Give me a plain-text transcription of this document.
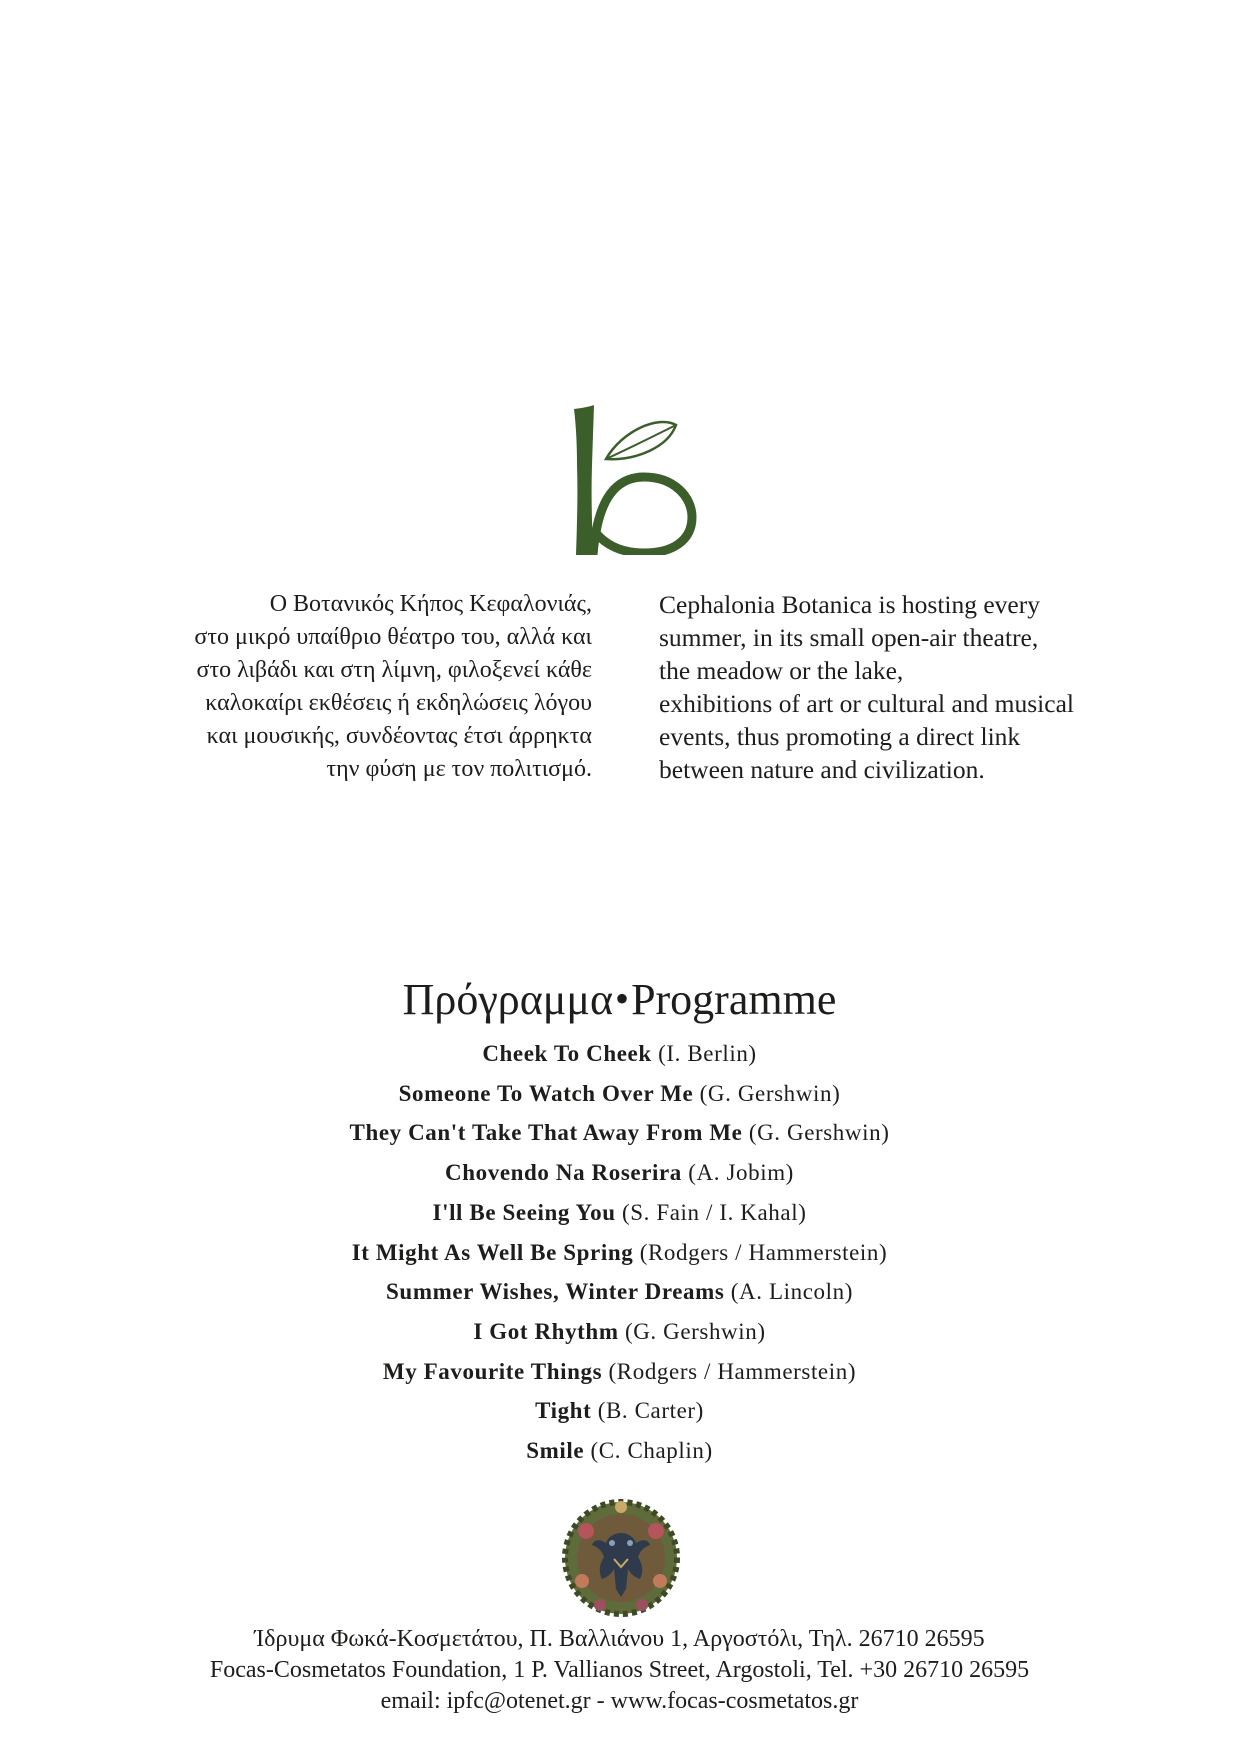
Ο Βοτανικός Κήπος Κεφαλονιάς,
στο μικρό υπαίθριο θέατρο του, αλλά και
στο λιβάδι και στη λίμνη, φιλοξενεί κάθε
καλοκαίρι εκθέσεις ή εκδηλώσεις λόγου
και μουσικής, συνδέοντας έτσι άρρηκτα
την φύση με τον πολιτισμό.
Cephalonia Botanica is hosting every
summer, in its small open-air theatre,
the meadow or the lake,
exhibitions of art or cultural and musical
events, thus promoting a direct link
between nature and civilization.
Πρόγραμμα•Programme
Cheek To Cheek (I. Berlin)
Someone To Watch Over Me (G. Gershwin)
They Can't Take That Away From Me (G. Gershwin)
Chovendo Na Roserira (A. Jobim)
I'll Be Seeing You (S. Fain / I. Kahal)
It Might As Well Be Spring (Rodgers / Hammerstein)
Summer Wishes, Winter Dreams (A. Lincoln)
I Got Rhythm (G. Gershwin)
My Favourite Things (Rodgers / Hammerstein)
Tight (B. Carter)
Smile (C. Chaplin)
Ίδρυμα Φωκά-Κοσμετάτου, Π. Βαλλιάνου 1, Αργοστόλι, Τηλ. 26710 26595
Focas-Cosmetatos Foundation, 1 P. Vallianos Street, Argostoli, Tel. +30 26710 26595
email: ipfc@otenet.gr - www.focas-cosmetatos.gr
